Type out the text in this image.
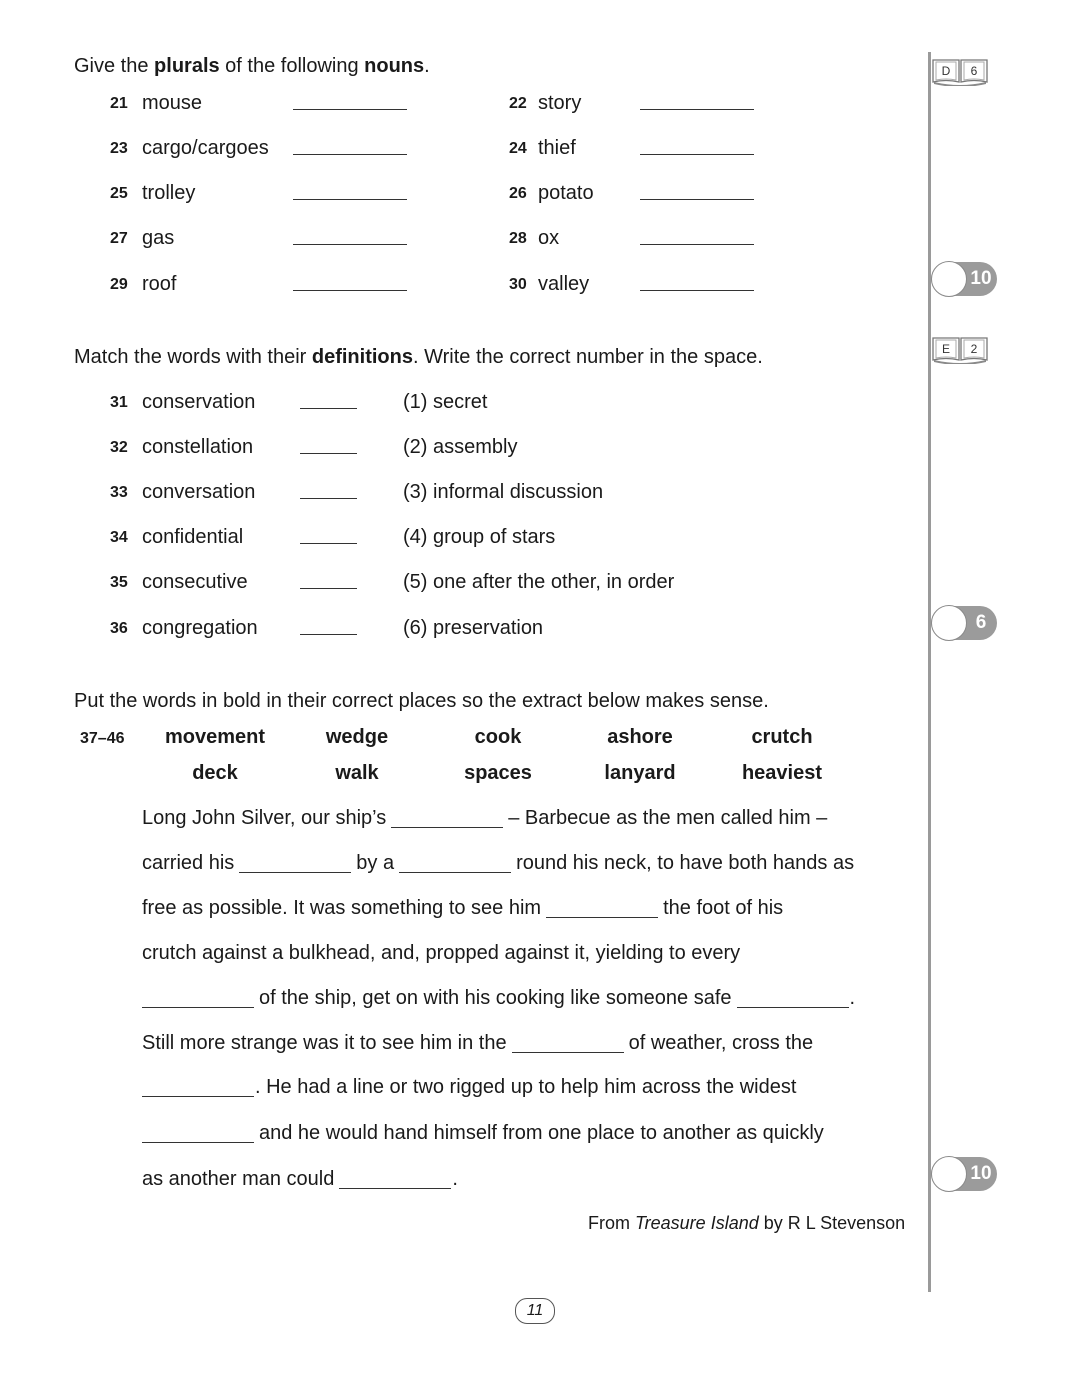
D 6
E 2
10
6
10
Give the plurals of the following nouns.
21 mouse	22 story
23 cargo/cargoes	24 thief
25 trolley	26 potato
27 gas	28 ox
29 roof	30 valley
Match the words with their definitions. Write the correct number in the space.
31 conservation	(1) secret
32 constellation	(2) assembly
33 conversation	(3) informal discussion
34 confidential	(4) group of stars
35 consecutive	(5) one after the other, in order
36 congregation	(6) preservation
Put the words in bold in their correct places so the extract below makes sense.
37–46	movement	wedge	cook	ashore	crutch
deck	walk	spaces	lanyard	heaviest
Long John Silver, our ship’s	– Barbecue as the men called him –
carried his	by a	round his neck, to have both hands as
free as possible. It was something to see him	the foot of his
crutch against a bulkhead, and, propped against it, yielding to every
of the ship, get on with his cooking like someone safe	.
Still more strange was it to see him in the	of weather, cross the
. He had a line or two rigged up to help him across the widest
and he would hand himself from one place to another as quickly
as another man could	.
From Treasure Island by R L Stevenson
11
